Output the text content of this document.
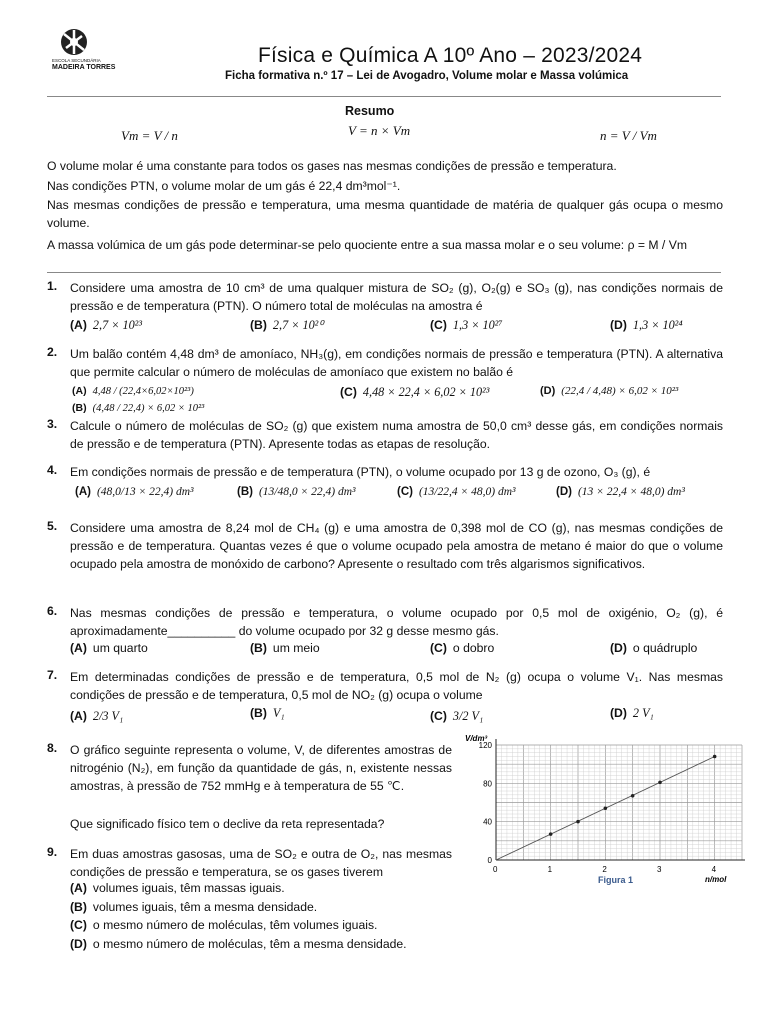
ESCOLA SECUNDÁRIA
MADEIRA TORRES
Física e Química A 10º Ano – 2023/2024
Ficha formativa n.º 17 – Lei de Avogadro, Volume molar e Massa volúmica
Resumo
Vm = V / n	V = n × Vm	n = V / Vm
O volume molar é uma constante para todos os gases nas mesmas condições de pressão e temperatura.
Nas condições PTN, o volume molar de um gás é 22,4 dm³mol⁻¹.
Nas mesmas condições de pressão e temperatura, uma mesma quantidade de matéria de qualquer gás ocupa o mesmo volume.
A massa volúmica de um gás pode determinar-se pelo quociente entre a sua massa molar e o seu volume: ρ = M / Vm
1. Considere uma amostra de 10 cm³ de uma qualquer mistura de SO₂ (g), O₂(g) e SO₃ (g), nas condições normais de pressão e de temperatura (PTN). O número total de moléculas na amostra é
(A) 2,7 × 10²³	(B) 2,7 × 10²⁰	(C) 1,3 × 10²⁷	(D) 1,3 × 10²⁴
2. Um balão contém 4,48 dm³ de amoníaco, NH₃(g), em condições normais de pressão e temperatura (PTN). A alternativa que permite calcular o número de moléculas de amoníaco que existem no balão é
(A) 4,48 / (22,4×6,02×10²³)
(B) (4,48 / 22,4) × 6,02 × 10²³
(C) 4,48 × 22,4 × 6,02 × 10²³	(D) (22,4 / 4,48) × 6,02 × 10²³
3. Calcule o número de moléculas de SO₂ (g) que existem numa amostra de 50,0 cm³ desse gás, em condições normais de pressão e de temperatura (PTN). Apresente todas as etapas de resolução.
4. Em condições normais de pressão e de temperatura (PTN), o volume ocupado por 13 g de ozono, O₃ (g), é
(A) (48,0/13 × 22,4) dm³	(B) (13/48,0 × 22,4) dm³	(C) (13/22,4 × 48,0) dm³	(D) (13 × 22,4 × 48,0) dm³
5. Considere uma amostra de 8,24 mol de CH₄ (g) e uma amostra de 0,398 mol de CO (g), nas mesmas condições de pressão e de temperatura. Quantas vezes é que o volume ocupado pela amostra de metano é maior do que o volume ocupado pela amostra de monóxido de carbono? Apresente o resultado com três algarismos significativos.
6. Nas mesmas condições de pressão e temperatura, o volume ocupado por 0,5 mol de oxigénio, O₂ (g), é aproximadamente__________ do volume ocupado por 32 g desse mesmo gás.
(A) um quarto	(B) um meio	(C) o dobro	(D) o quádruplo
7. Em determinadas condições de pressão e de temperatura, 0,5 mol de N₂ (g) ocupa o volume V₁. Nas mesmas condições de pressão e de temperatura, 0,5 mol de NO₂ (g) ocupa o volume
(A) 2/3 V₁	(B) V₁	(C) 3/2 V₁	(D) 2 V₁
8. O gráfico seguinte representa o volume, V, de diferentes amostras de nitrogénio (N₂), em função da quantidade de gás, n, existente nessas amostras, à pressão de 752 mmHg e à temperatura de 55 ℃.
Que significado físico tem o declive da reta representada?
9. Em duas amostras gasosas, uma de SO₂ e outra de O₂, nas mesmas condições de pressão e temperatura, se os gases tiverem
(A) volumes iguais, têm massas iguais.
(B) volumes iguais, têm a mesma densidade.
(C) o mesmo número de moléculas, têm volumes iguais.
(D) o mesmo número de moléculas, têm a mesma densidade.
0	1	2	3	4
0
40
80
120
V/dm³
n/mol
Figura 1
